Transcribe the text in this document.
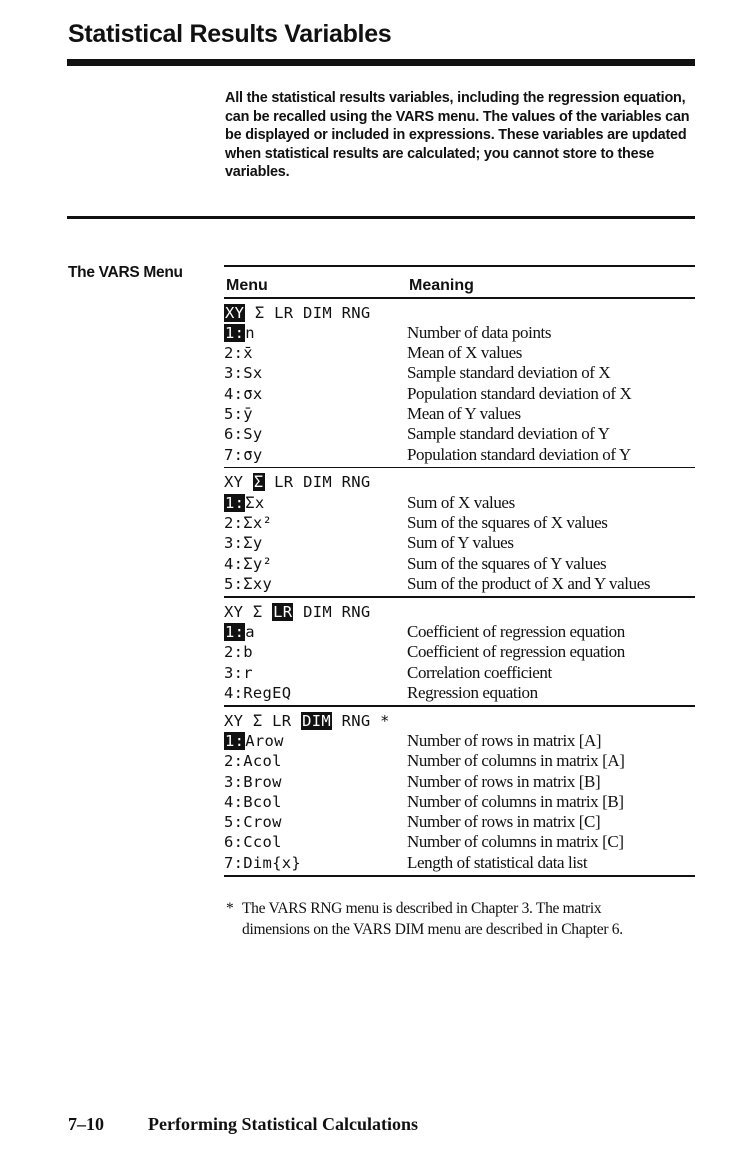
Statistical Results Variables
All the statistical results variables, including the regression equation, can be recalled using the VARS menu. The values of the variables can be displayed or included in expressions. These variables are updated when statistical results are calculated; you cannot store to these variables.
The VARS Menu
Menu	Meaning
XY Σ LR DIM RNG
1:n	Number of data points
2:x̄	Mean of X values
3:Sx	Sample standard deviation of X
4:σx	Population standard deviation of X
5:ȳ	Mean of Y values
6:Sy	Sample standard deviation of Y
7:σy	Population standard deviation of Y
XY Σ LR DIM RNG
1:Σx	Sum of X values
2:Σx²	Sum of the squares of X values
3:Σy	Sum of Y values
4:Σy²	Sum of the squares of Y values
5:Σxy	Sum of the product of X and Y values
XY Σ LR DIM RNG
1:a	Coefficient of regression equation
2:b	Coefficient of regression equation
3:r	Correlation coefficient
4:RegEQ	Regression equation
XY Σ LR DIM RNG *
1:Arow	Number of rows in matrix [A]
2:Acol	Number of columns in matrix [A]
3:Brow	Number of rows in matrix [B]
4:Bcol	Number of columns in matrix [B]
5:Crow	Number of rows in matrix [C]
6:Ccol	Number of columns in matrix [C]
7:Dim{x}	Length of statistical data list
* The VARS RNG menu is described in Chapter 3. The matrix
dimensions on the VARS DIM menu are described in Chapter 6.
7–10 Performing Statistical Calculations
